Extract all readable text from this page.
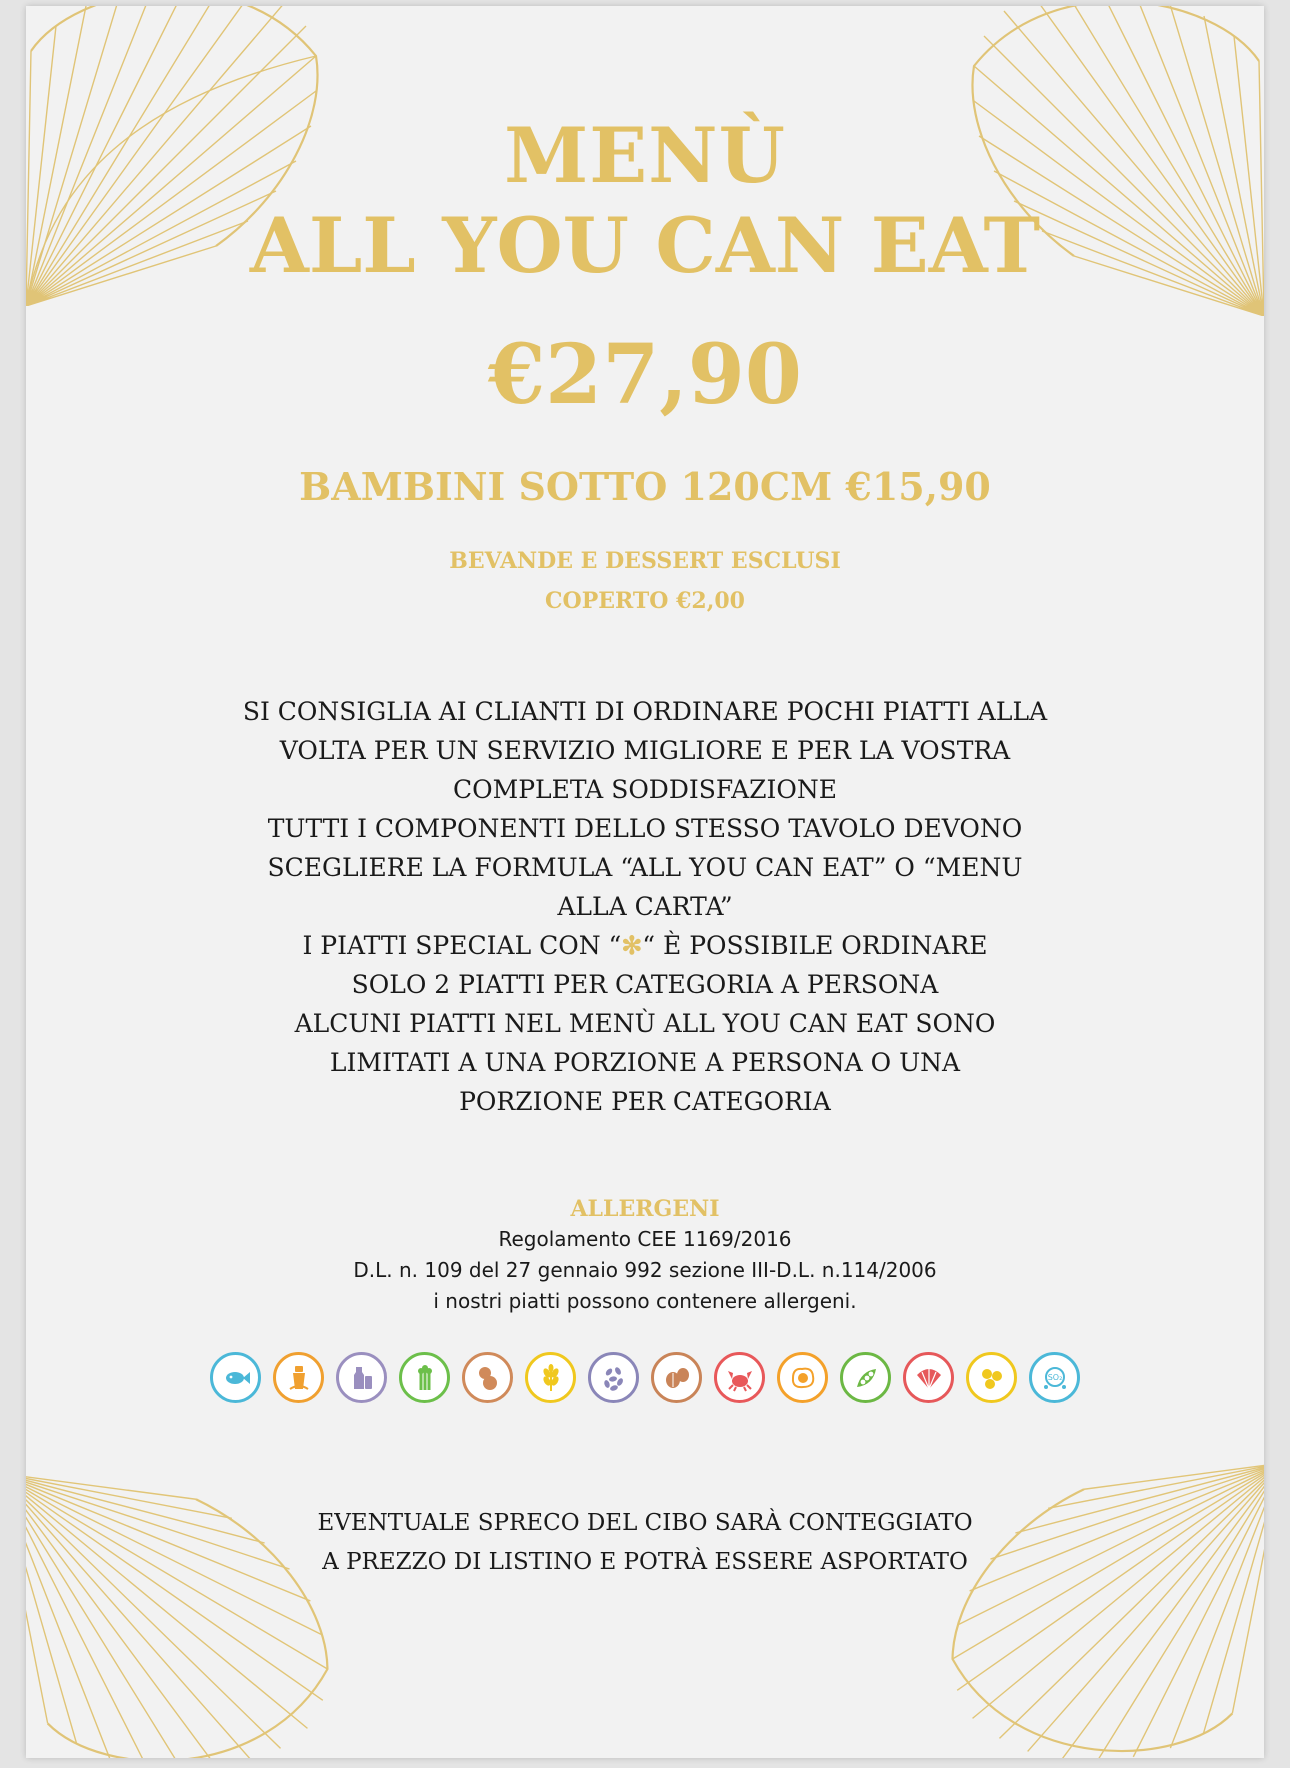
MENÙ
ALL YOU CAN EAT
€27,90
BAMBINI SOTTO 120CM €15,90
BEVANDE E DESSERT ESCLUSI
COPERTO €2,00

SI CONSIGLIA AI CLIANTI DI ORDINARE POCHI PIATTI ALLA

VOLTA PER UN SERVIZIO MIGLIORE E PER LA VOSTRA

COMPLETA SODDISFAZIONE

TUTTI I COMPONENTI DELLO STESSO TAVOLO DEVONO

SCEGLIERE LA FORMULA “ALL YOU CAN EAT” O “MENU

ALLA CARTA”

I PIATTI SPECIAL CON “✻“ È POSSIBILE ORDINARE

SOLO 2 PIATTI PER CATEGORIA A PERSONA

ALCUNI PIATTI NEL MENÙ ALL YOU CAN EAT SONO

LIMITATI A UNA PORZIONE A PERSONA O UNA

PORZIONE PER CATEGORIA

ALLERGENI

Regolamento CEE 1169/2016

D.L. n. 109 del 27 gennaio 992 sezione III-D.L. n.114/2006

i nostri piatti possono contenere allergeni.

SO₂

EVENTUALE SPRECO DEL CIBO SARÀ CONTEGGIATO

A PREZZO DI LISTINO E POTRÀ ESSERE ASPORTATO
